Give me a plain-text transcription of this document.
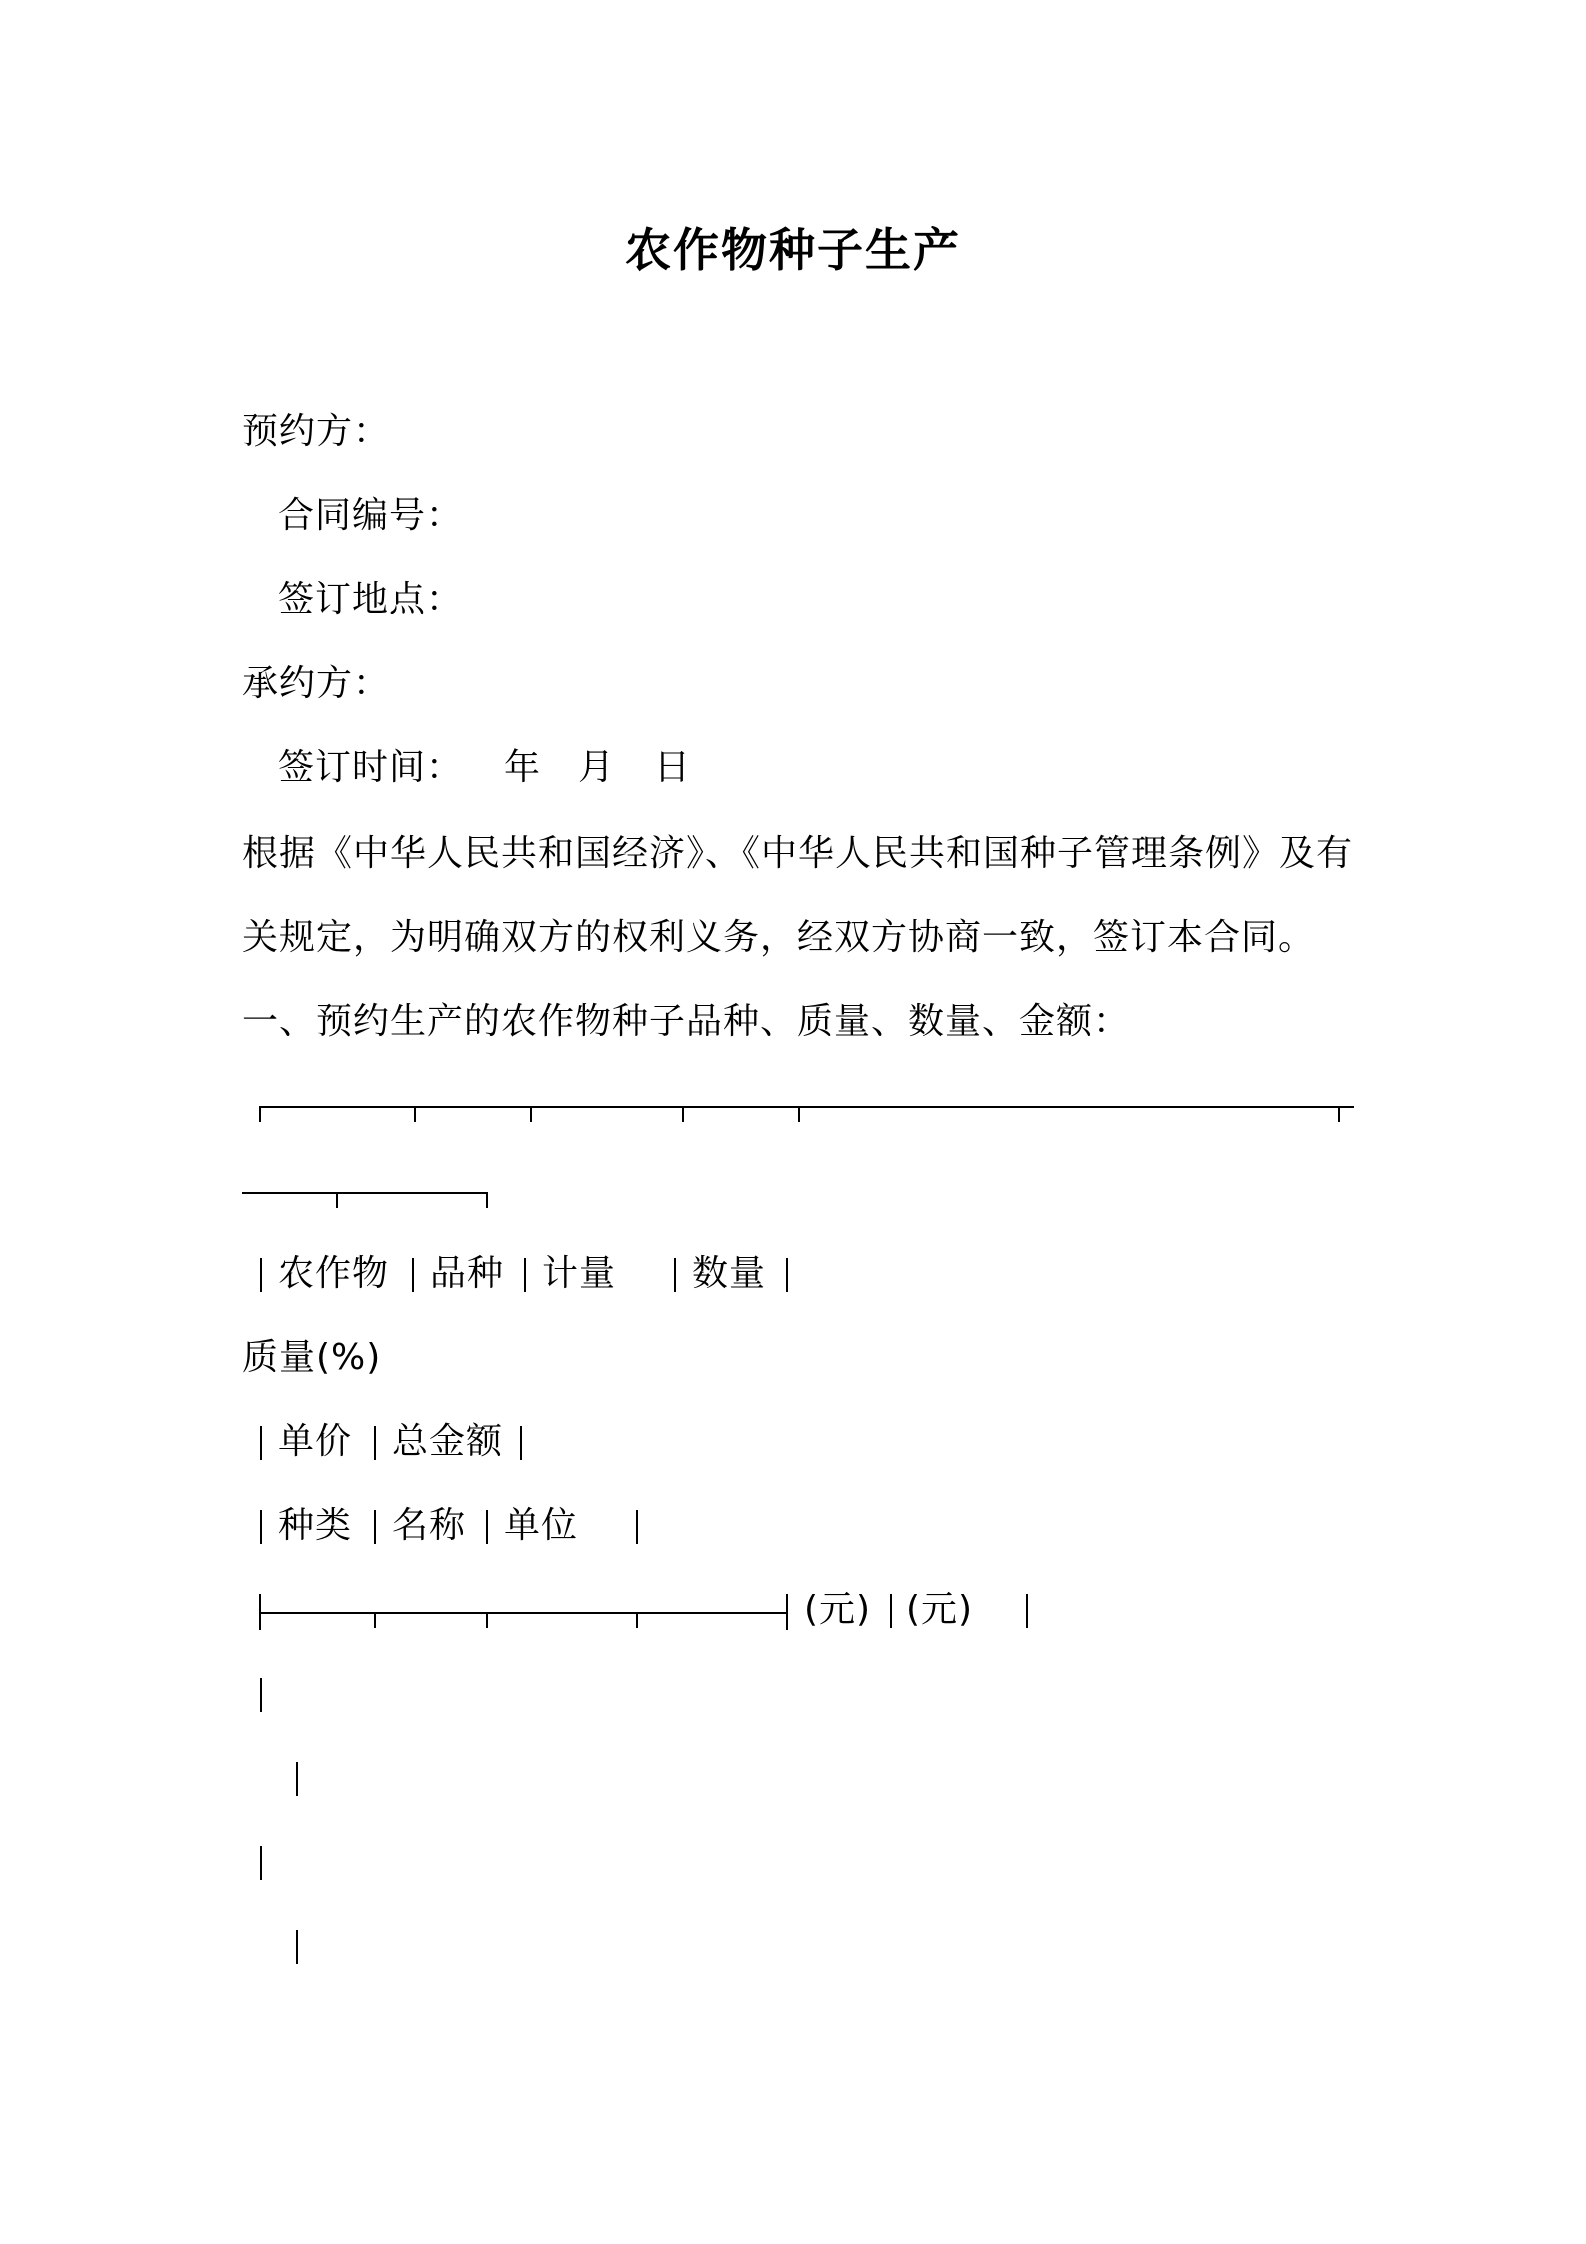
农作物种子生产
预约方：
合同编号：
签订地点：
承约方：
签订时间： 年 月 日
根据《中华人民共和国经济》、《中华人民共和国种子管理条例》及有
关规定，为明确双方的权利义务，经双方协商一致，签订本合同。
一、预约生产的农作物种子品种、质量、数量、金额：
农作物 品种 计量 数量
质量(%)
单价 总金额
种类 名称 单位
(元) (元)
